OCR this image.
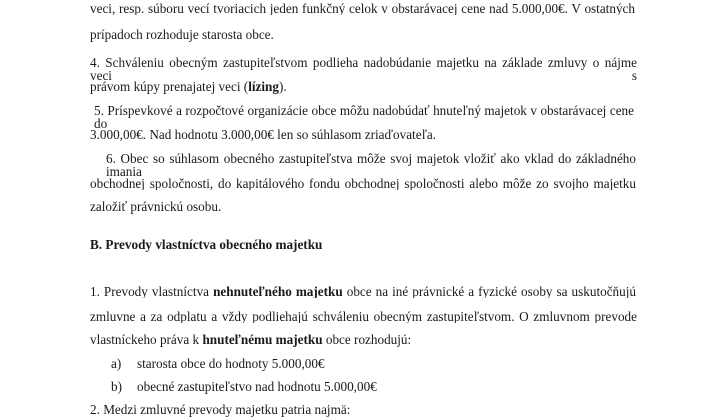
veci, resp. súboru vecí tvoriacich jeden funkčný celok v obstarávacej cene nad 5.000,00€. V ostatných
prípadoch rozhoduje starosta obce.
4. Schváleniu obecným zastupiteľstvom podlieha nadobúdanie majetku na základe zmluvy o nájme veci s
právom kúpy prenajatej veci (lízing).
5. Príspevkové a rozpočtové organizácie obce môžu nadobúdať hnuteľný majetok v obstarávacej cene do
3.000,00€. Nad hodnotu 3.000,00€ len so súhlasom zriaďovateľa.
6. Obec so súhlasom obecného zastupiteľstva môže svoj majetok vložiť ako vklad do základného imania
obchodnej spoločnosti, do kapitálového fondu obchodnej spoločnosti alebo môže zo svojho majetku
založiť právnickú osobu.
B. Prevody vlastníctva obecného majetku
1. Prevody vlastníctva nehnuteľného majetku obce na iné právnické a fyzické osoby sa uskutočňujú
zmluvne a za odplatu a vždy podliehajú schváleniu obecným zastupiteľstvom. O zmluvnom prevode
vlastníckeho práva k hnuteľnému majetku obce rozhodujú:
a) starosta obce do hodnoty 5.000,00€
b) obecné zastupiteľstvo nad hodnotu 5.000,00€
2. Medzi zmluvné prevody majetku patria najmä:
